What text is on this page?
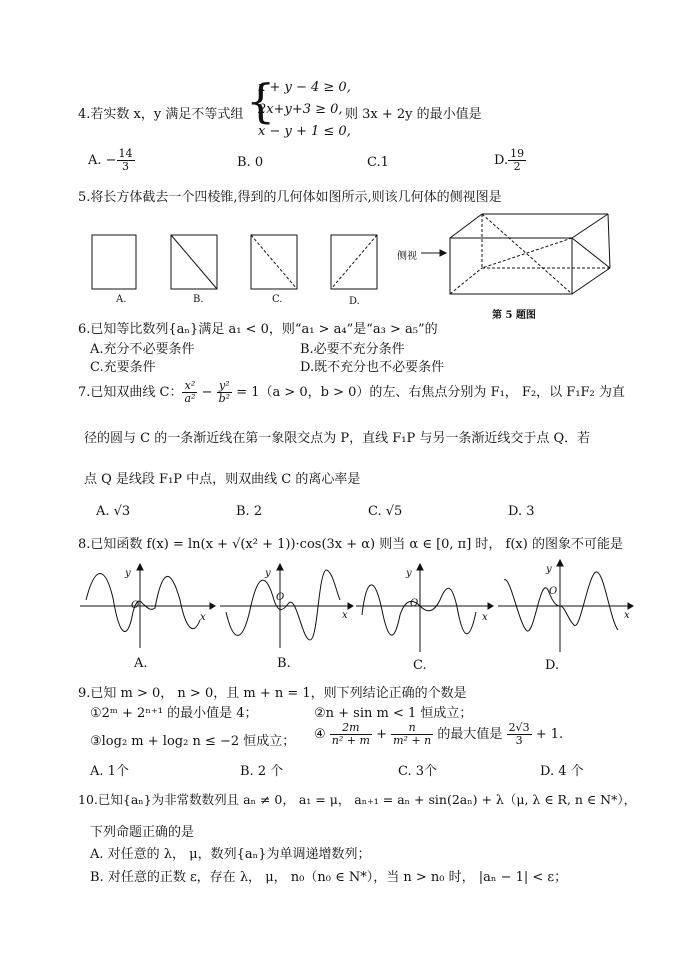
4.若实数 x，y 满足不等式组 {
x + y − 4 ≥ 0,
2x+y+3 ≥ 0,
x − y + 1 ≤ 0,
则 3x + 2y 的最小值是
A. − $\frac{14}{3}$	B. 0	C.1	D. $\frac{19}{2}$
5.将长方体截去一个四棱锥,得到的几何体如图所示,则该几何体的侧视图是
A.	B.	C.	D.
侧视
第 5 题图
6.已知等比数列{aₙ}满足 a₁ < 0，则“a₁ > a₄”是“a₃ > a₅”的
A.充分不必要条件	B.必要不充分条件
C.充要条件	D.既不充分也不必要条件
7.已知双曲线 C： $\frac{\text{x²}}{\text{a²}} - \frac{\text{y²}}{\text{b²}} = 1(a > 0$，b > 0）的左、右焦点分别为 F₁， F₂，以 F₁F₂ 为直
径的圆与 C 的一条渐近线在第一象限交点为 P，直线 F₁P 与另一条渐近线交于点 Q．若
点 Q 是线段 F₁P 中点，则双曲线 C 的离心率是
A. √3	B. 2	C. √5	D. 3
8.已知函数 f(x) = ln(x + √(x² + 1))·cos(3x + α) 则当 α ∈ [0, π] 时， f(x) 的图象不可能是
y
x
O
y
x
O
y
x
O
y
x
O
A.	B.	C.	D.
9.已知 m > 0， n > 0，且 m + n = 1，则下列结论正确的个数是
①2ᵐ + 2ⁿ⁺¹ 的最小值是 4；	②n + sin m < 1 恒成立；
③log₂ m + log₂ n ≤ −2 恒成立； ④ $\frac{2m}{\text{n² + m}} + \frac{n}{\text{m² + n}}$ 的最大值是 $\frac{2√3}{3} + 1$.
A. 1个	B. 2 个	C. 3个	D. 4 个
10.已知{aₙ}为非常数数列且 aₙ ≠ 0， a₁ = μ， aₙ₊₁ = aₙ + sin(2aₙ) + λ（μ, λ ∈ R, n ∈ N*），
下列命题正确的是
A. 对任意的 λ， μ，数列{aₙ}为单调递增数列；
B. 对任意的正数 ε，存在 λ， μ， n₀（n₀ ∈ N*），当 n > n₀ 时， |aₙ − 1| < ε；
